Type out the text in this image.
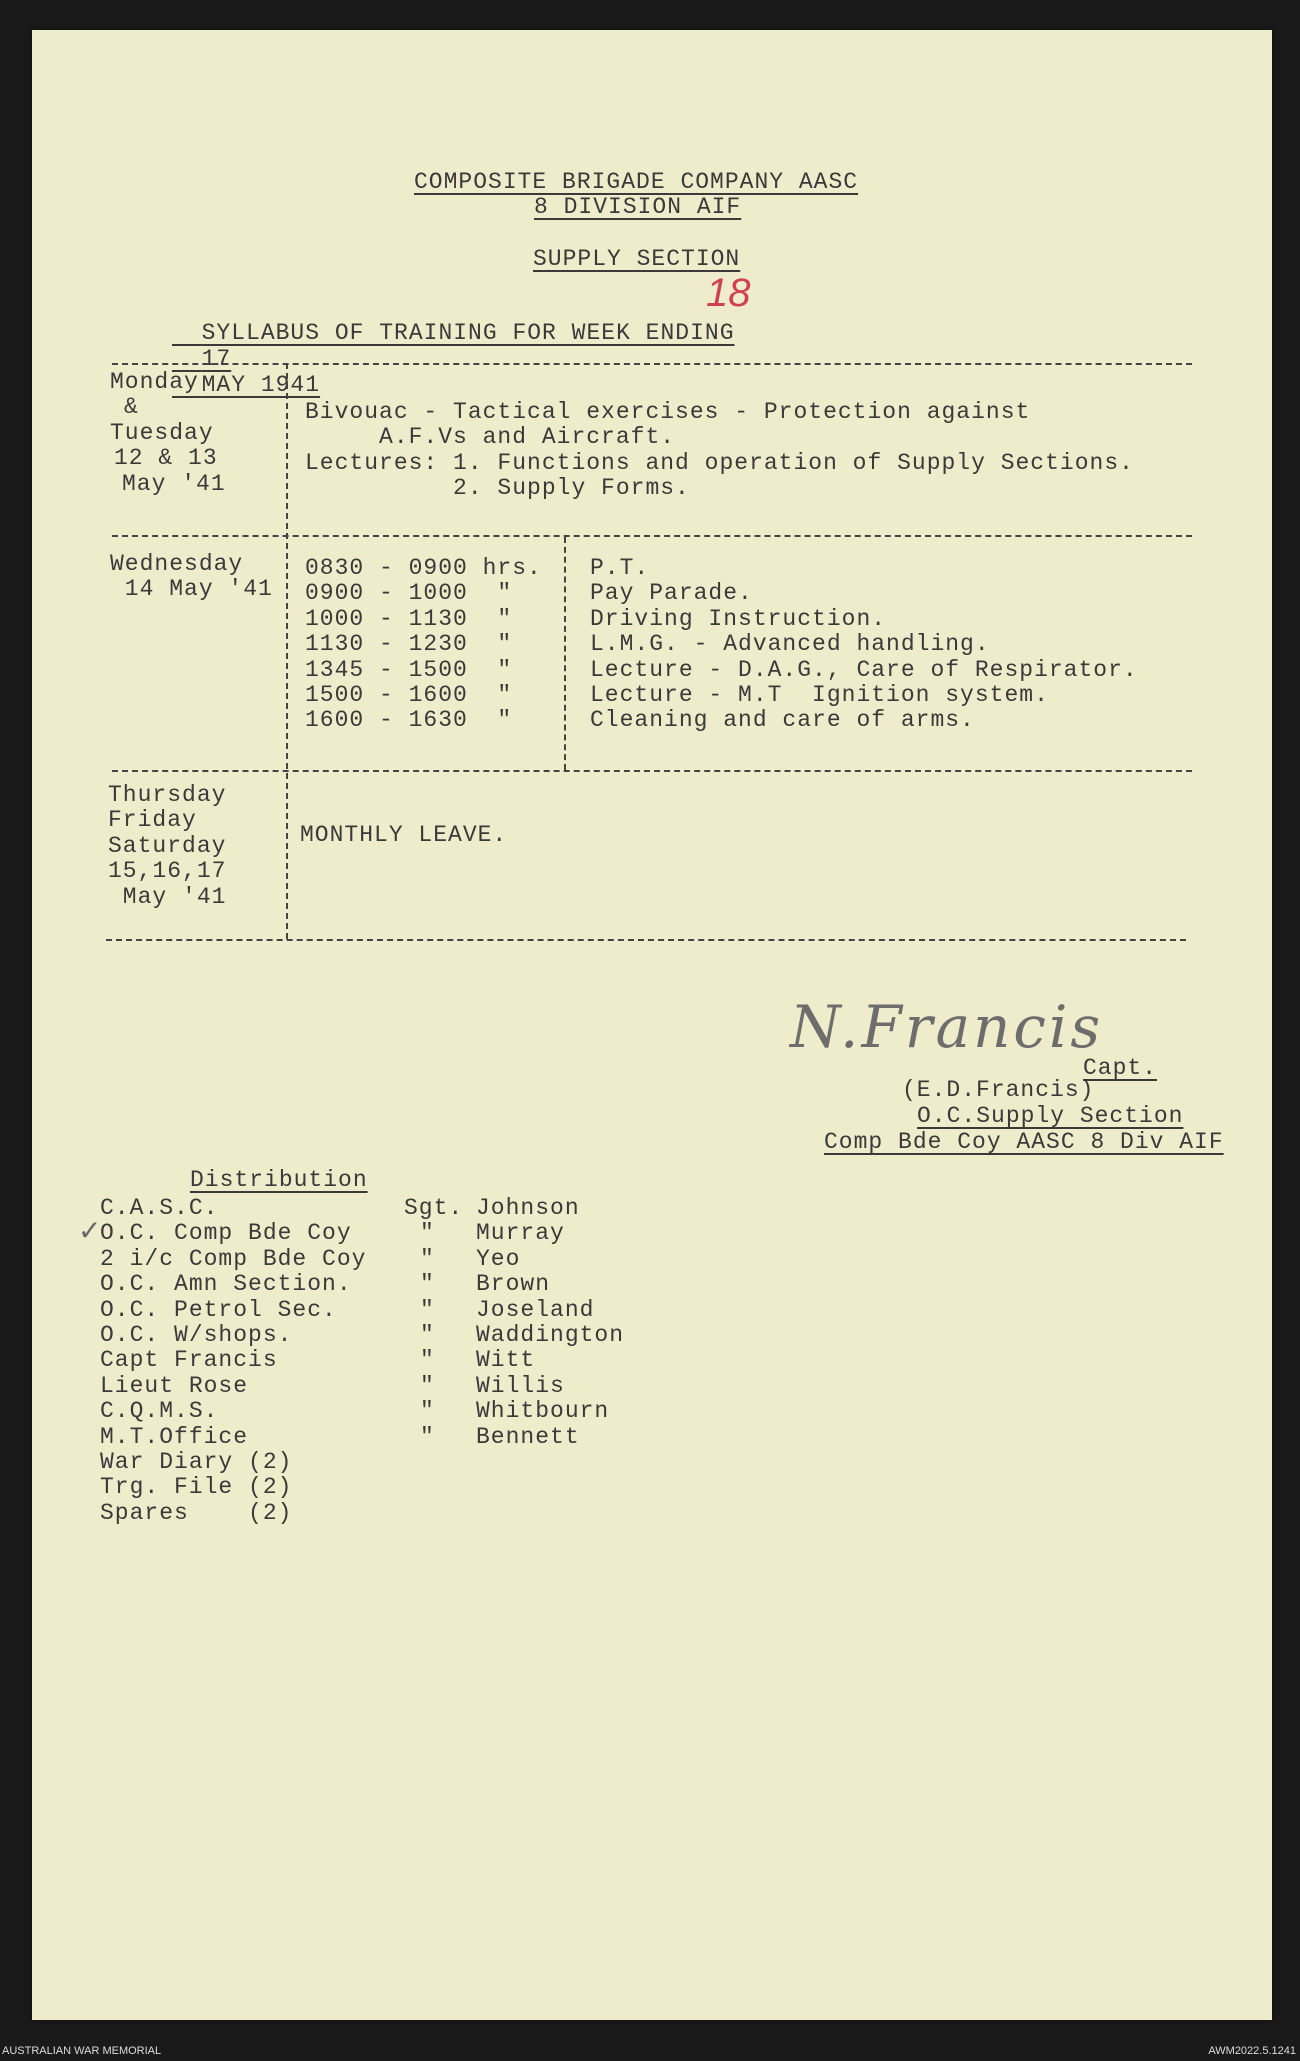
COMPOSITE BRIGADE COMPANY AASC
8 DIVISION AIF
SUPPLY SECTION

SYLLABUS OF TRAINING FOR WEEK ENDING
17
MAY 1941

18
Monday
&
Tuesday
12 & 13
May '41
Bivouac - Tactical exercises - Protection against
A.F.Vs and Aircraft.
Lectures: 1. Functions and operation of Supply Sections.
2. Supply Forms.
Wednesday
14 May '41
0830 - 0900 hrs.
0900 - 1000  "
1000 - 1130  "
1130 - 1230  "
1345 - 1500  "
1500 - 1600  "
1600 - 1630  "
P.T.
Pay Parade.
Driving Instruction.
L.M.G. - Advanced handling.
Lecture - D.A.G., Care of Respirator.
Lecture - M.T  Ignition system.
Cleaning and care of arms.
Thursday
Friday
Saturday
15,16,17
May '41
MONTHLY LEAVE.
N.Francis
Capt.
(E.D.Francis)
O.C.Supply Section
Comp Bde Coy AASC 8 Div AIF
Distribution
C.A.S.C.
O.C. Comp Bde Coy
2 i/c Comp Bde Coy
O.C. Amn Section.
O.C. Petrol Sec.
O.C. W/shops.
Capt Francis
Lieut Rose
C.Q.M.S.
M.T.Office
War Diary (2)
Trg. File (2)
Spares    (2)
✓
Sgt.
"
"
"
"
"
"
"
"
"
Johnson
Murray
Yeo
Brown
Joseland
Waddington
Witt
Willis
Whitbourn
Bennett
AUSTRALIAN WAR MEMORIAL	AWM2022.5.1241
